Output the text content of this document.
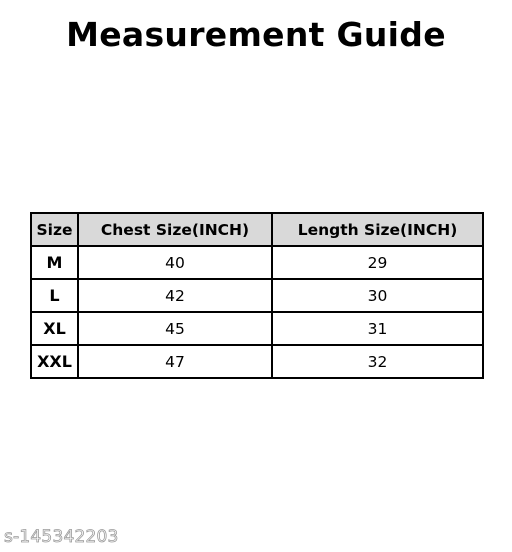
Measurement Guide
Size	Chest Size(INCH)	Length Size(INCH)
M	40	29
L	42	30
XL	45	31
XXL	47	32
s-145342203
